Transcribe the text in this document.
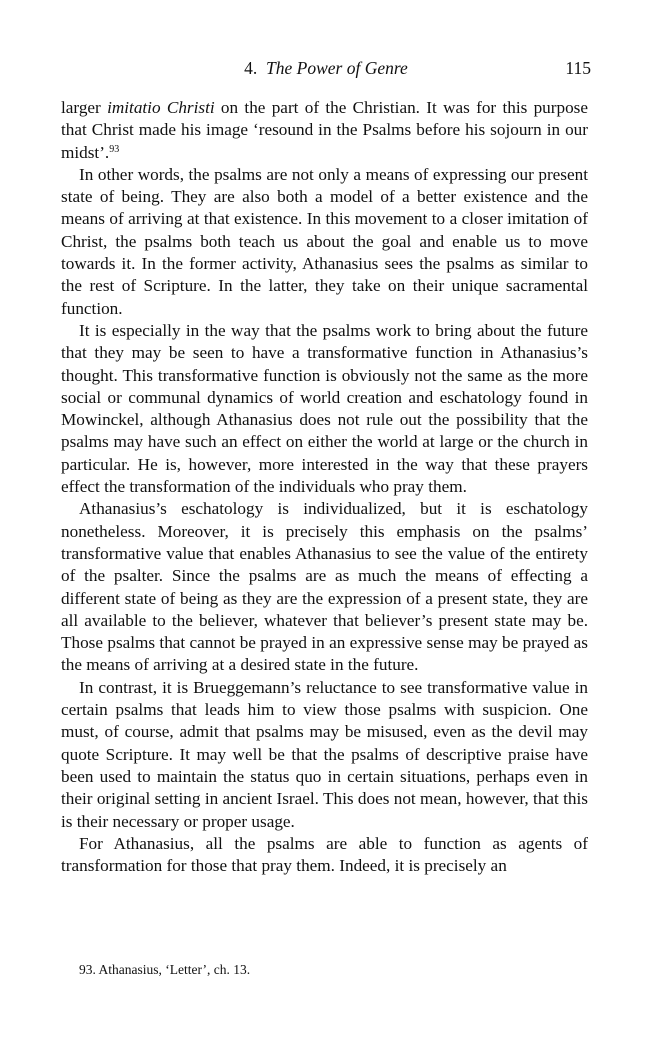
4. The Power of Genre	115

larger imitatio Christi on the part of the Christian. It was for this purpose that Christ made his image ‘resound in the Psalms before his sojourn in our midst’.$^{93}$

In other words, the psalms are not only a means of expressing our present state of being. They are also both a model of a better existence and the means of arriving at that existence. In this movement to a closer imitation of Christ, the psalms both teach us about the goal and enable us to move towards it. In the former activity, Athanasius sees the psalms as similar to the rest of Scripture. In the latter, they take on their unique sacramental function.

It is especially in the way that the psalms work to bring about the future that they may be seen to have a transformative function in Athanasius’s thought. This transformative function is obviously not the same as the more social or communal dynamics of world creation and eschatology found in Mowinckel, although Athanasius does not rule out the possibility that the psalms may have such an effect on either the world at large or the church in particular. He is, however, more interested in the way that these prayers effect the transformation of the individuals who pray them.

Athanasius’s eschatology is individualized, but it is eschatology nonetheless. Moreover, it is precisely this emphasis on the psalms’ transformative value that enables Athanasius to see the value of the entirety of the psalter. Since the psalms are as much the means of effecting a different state of being as they are the expression of a present state, they are all available to the believer, whatever that believer’s present state may be. Those psalms that cannot be prayed in an expressive sense may be prayed as the means of arriving at a desired state in the future.

In contrast, it is Brueggemann’s reluctance to see transformative value in certain psalms that leads him to view those psalms with suspicion. One must, of course, admit that psalms may be misused, even as the devil may quote Scripture. It may well be that the psalms of descriptive praise have been used to maintain the status quo in certain situations, perhaps even in their original setting in ancient Israel. This does not mean, however, that this is their necessary or proper usage.

For Athanasius, all the psalms are able to function as agents of transformation for those that pray them. Indeed, it is precisely an

93. Athanasius, ‘Letter’, ch. 13.
